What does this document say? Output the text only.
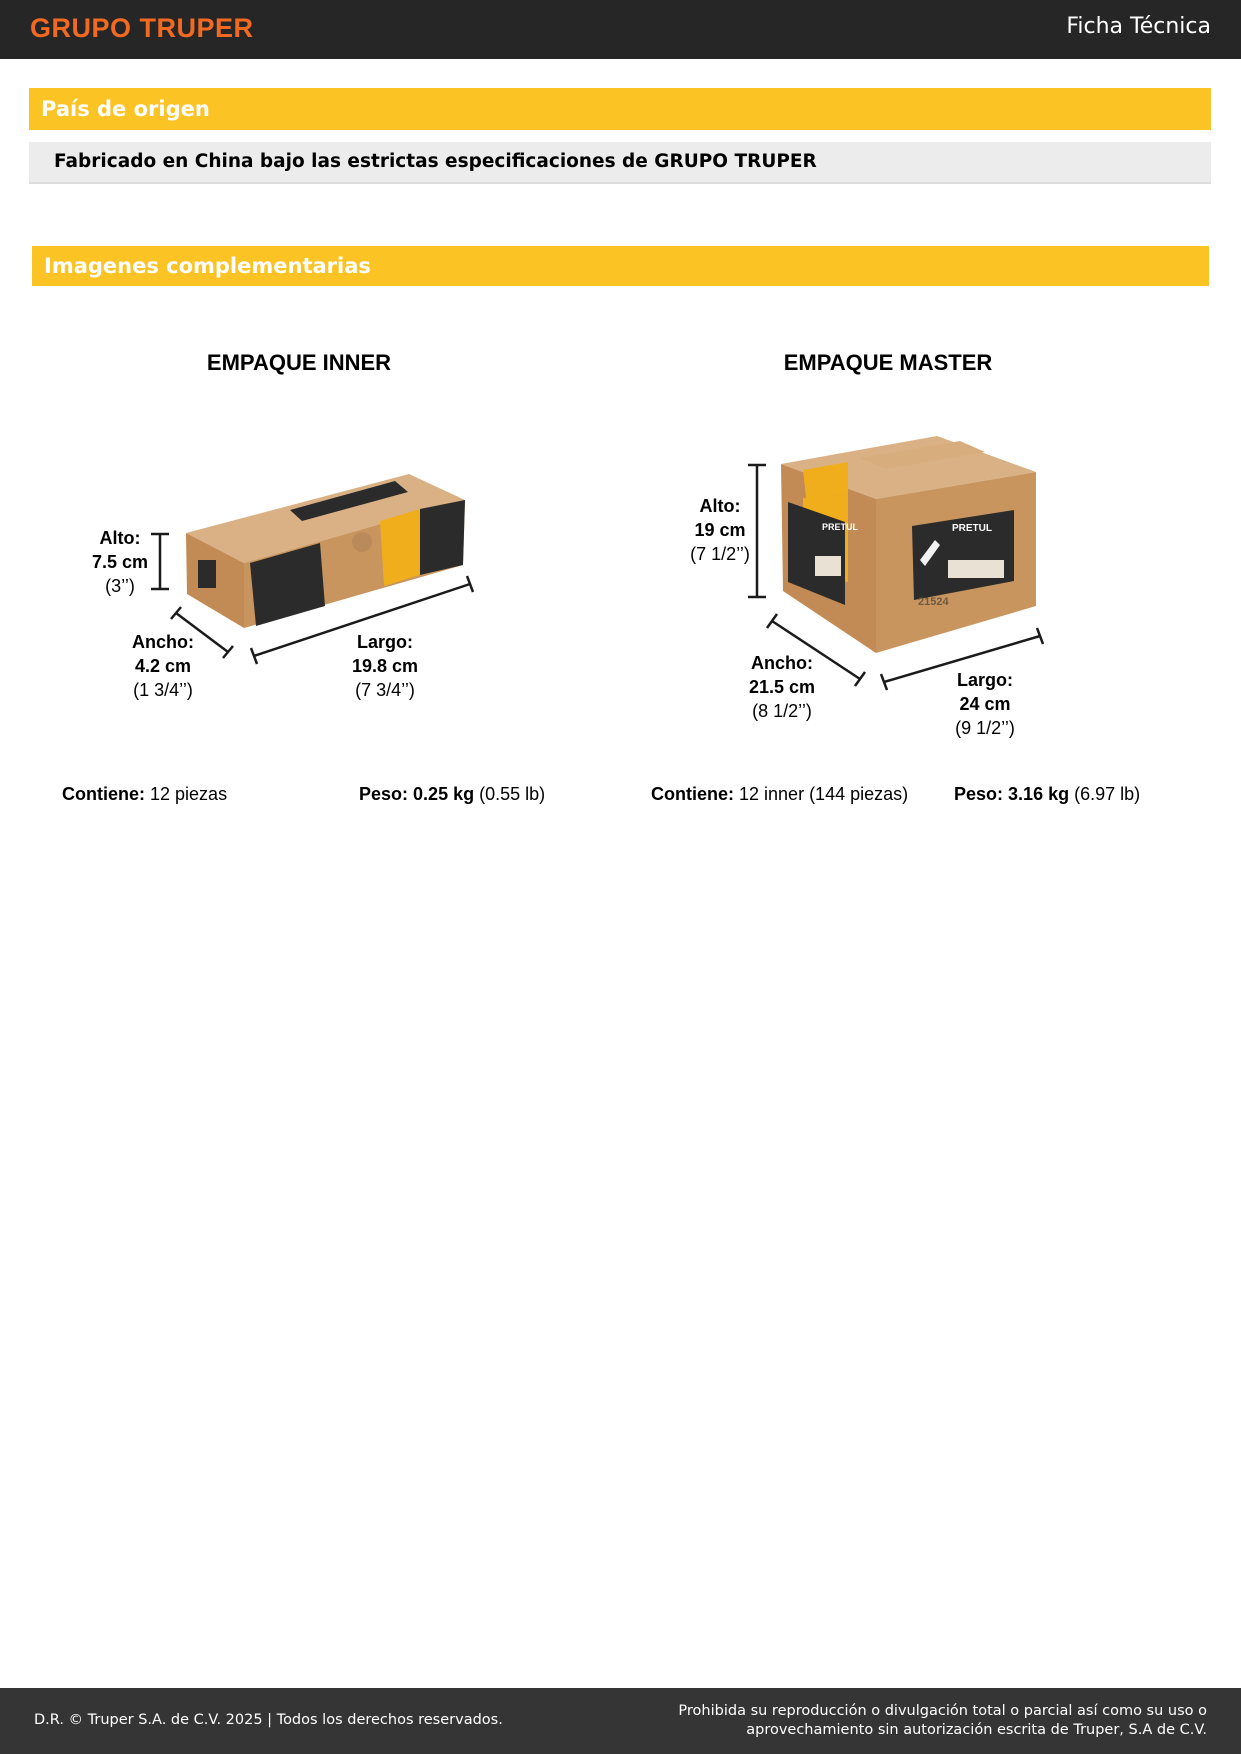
GRUPO TRUPER	Ficha Técnica
País de origen
Fabricado en China bajo las estrictas especificaciones de GRUPO TRUPER
Imagenes complementarias
PRETUL
21524
PRETUL
EMPAQUE INNER
Alto:
7.5 cm
(3’’)
Ancho:
4.2 cm
(1 3/4’’)
Largo:
19.8 cm
(7 3/4’’)
Contiene: 12 piezas	Peso: 0.25 kg (0.55 lb)
EMPAQUE MASTER
Alto:
19 cm
(7 1/2’’)
Ancho:
21.5 cm
(8 1/2’’)
Largo:
24 cm
(9 1/2’’)
Contiene: 12 inner (144 piezas)	Peso: 3.16 kg (6.97 lb)
D.R. © Truper S.A. de C.V. 2025 | Todos los derechos reservados.
Prohibida su reproducción o divulgación total o parcial así como su uso o
aprovechamiento sin autorización escrita de Truper, S.A de C.V.
